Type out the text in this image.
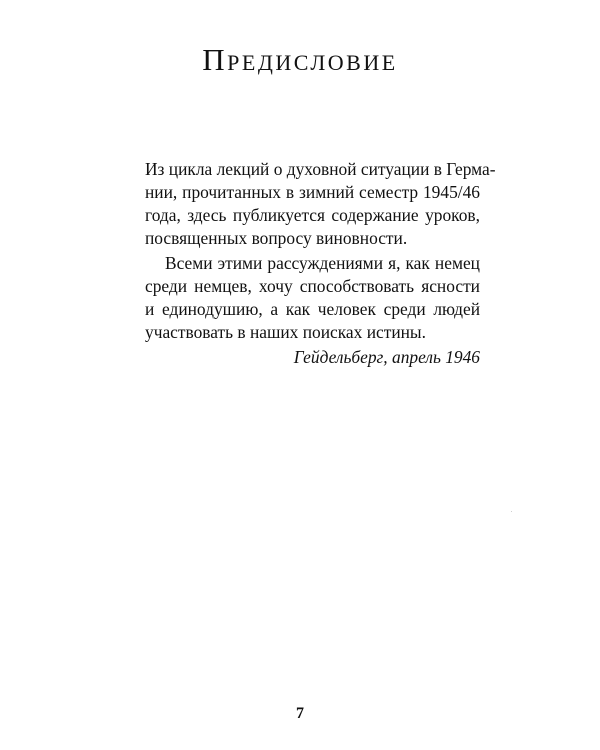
Предисловие
Из цикла лекций о духовной ситуации в Герма-
нии, прочитанных в зимний семестр 1945/46
года, здесь публикуется содержание уроков,
посвященных вопросу виновности.
Всеми этими рассуждениями я, как немец
среди немцев, хочу способствовать ясности
и единодушию, а как человек среди людей
участвовать в наших поисках истины.
Гейдельберг, апрель 1946
7
